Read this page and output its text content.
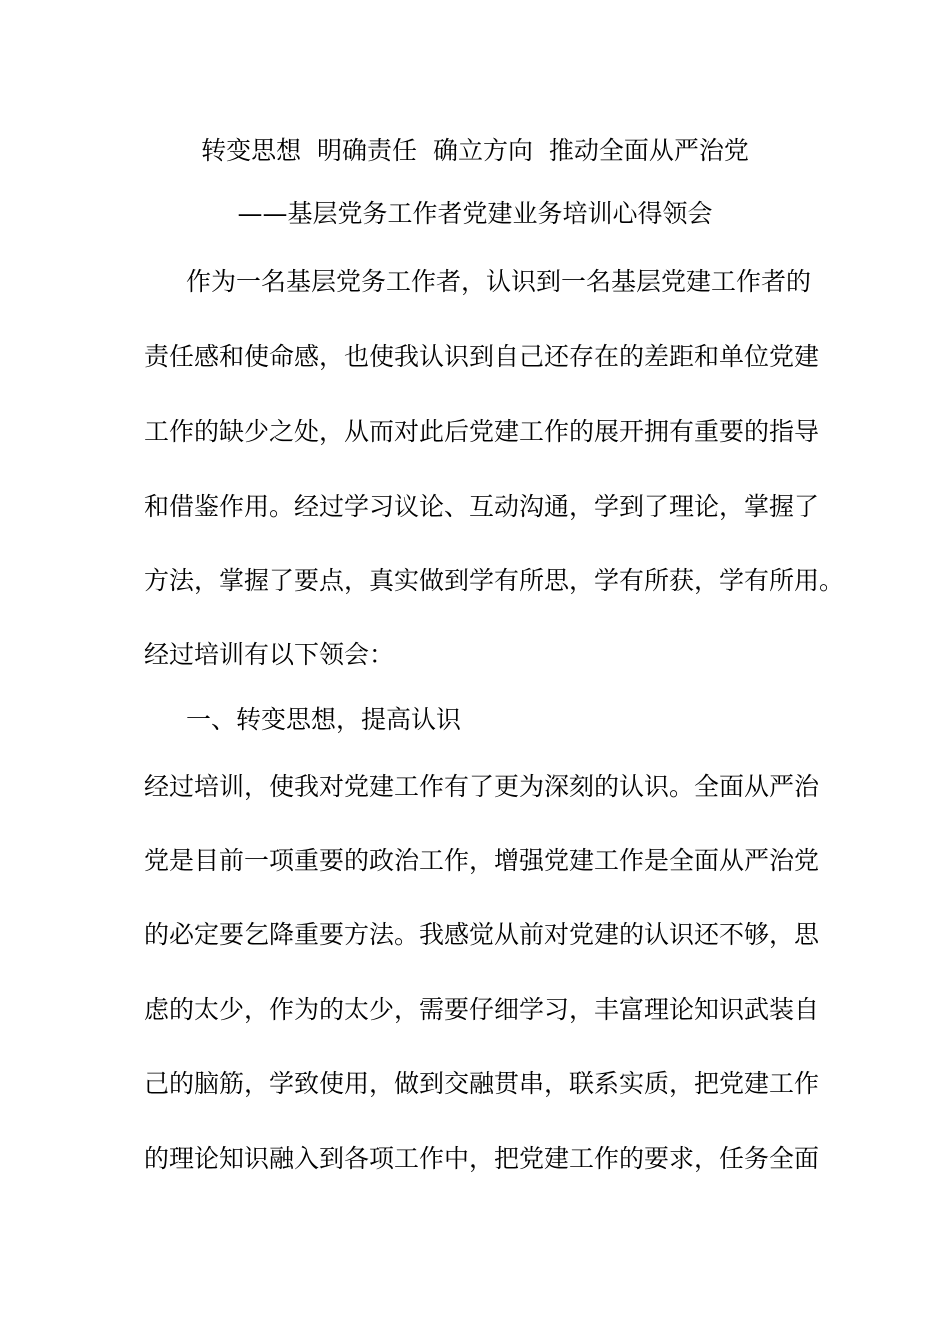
转变思想 明确责任 确立方向 推动全面从严治党
——基层党务工作者党建业务培训心得领会
作为一名基层党务工作者，认识到一名基层党建工作者的
责任感和使命感，也使我认识到自己还存在的差距和单位党建
工作的缺少之处，从而对此后党建工作的展开拥有重要的指导
和借鉴作用。经过学习议论、互动沟通，学到了理论，掌握了
方法，掌握了要点，真实做到学有所思，学有所获，学有所用。
经过培训有以下领会：
一、转变思想，提高认识
经过培训，使我对党建工作有了更为深刻的认识。全面从严治
党是目前一项重要的政治工作，增强党建工作是全面从严治党
的必定要乞降重要方法。我感觉从前对党建的认识还不够，思
虑的太少，作为的太少，需要仔细学习，丰富理论知识武装自
己的脑筋，学致使用，做到交融贯串，联系实质，把党建工作
的理论知识融入到各项工作中，把党建工作的要求，任务全面
